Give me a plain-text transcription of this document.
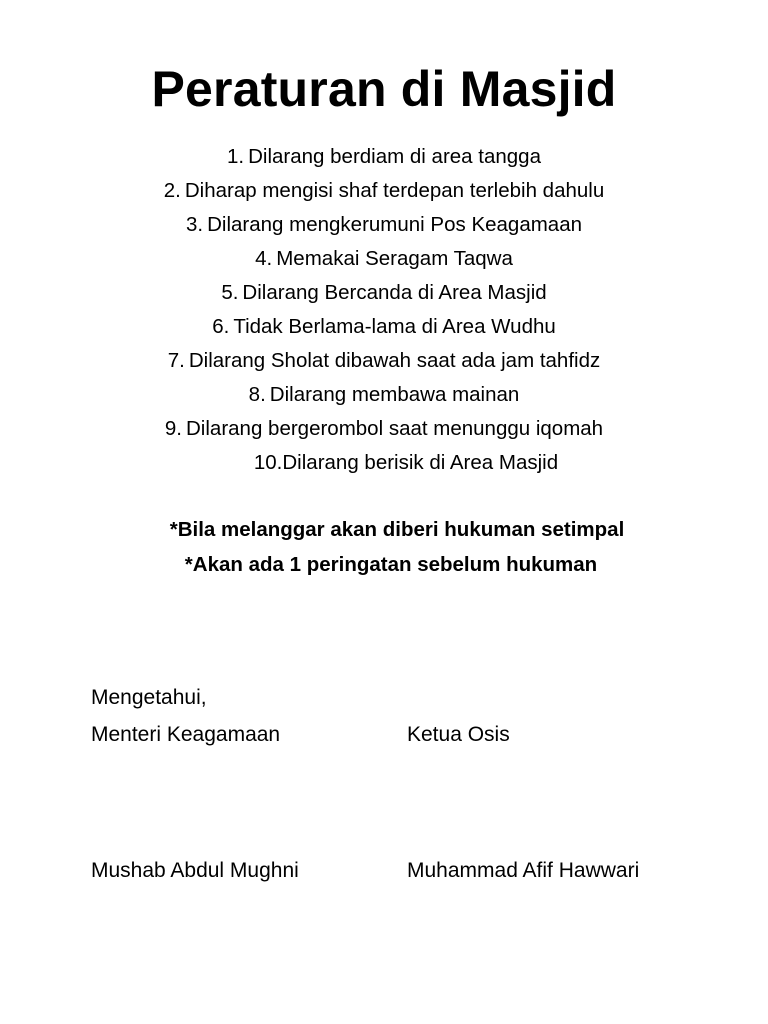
Peraturan di Masjid
1. Dilarang berdiam di area tangga
2. Diharap mengisi shaf terdepan terlebih dahulu
3. Dilarang mengkerumuni Pos Keagamaan
4. Memakai Seragam Taqwa
5. Dilarang Bercanda di Area Masjid
6. Tidak Berlama-lama di Area Wudhu
7. Dilarang Sholat dibawah saat ada jam tahfidz
8. Dilarang membawa mainan
9. Dilarang bergerombol saat menunggu iqomah
10.Dilarang berisik di Area Masjid
*Bila melanggar akan diberi hukuman setimpal
*Akan ada 1 peringatan sebelum hukuman
Mengetahui,
Menteri Keagamaan	Ketua Osis
Mushab Abdul Mughni	Muhammad Afif Hawwari
